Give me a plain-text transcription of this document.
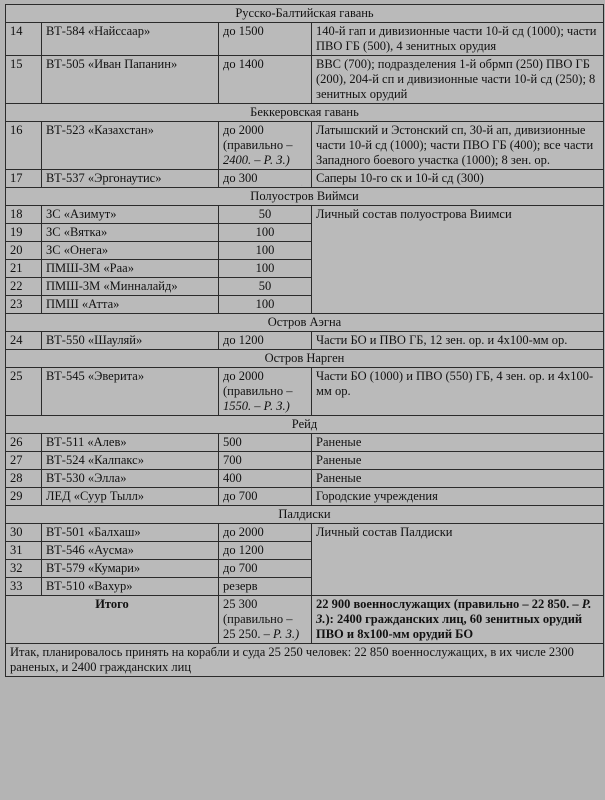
Русско-Балтийская гавань			
14	ВТ-584 «Найссаар»	до 1500	140-й гап и дивизионные части 10-й сд (1000); части ПВО ГБ (500), 4 зенитных орудия
15	ВТ-505 «Иван Папанин»	до 1400	ВВС (700); подразделения 1-й обрмп (250) ПВО ГБ (200), 204-й сп и дивизионные части 10-й сд (250); 8 зенитных орудий
Беккеровская гавань			
16	ВТ-523 «Казахстан»	до 2000 (правильно – 2400. – Р. З.)	Латышский и Эстонский сп, 30-й ап, дивизионные части 10-й сд (1000); части ПВО ГБ (400); все части Западного боевого участка (1000); 8 зен. ор.
17	ВТ-537 «Эргонаутис»	до 300	Саперы 10-го ск и 10-й сд (300)
Полуостров Виймси			
18	ЗС «Азимут»	50	Личный состав полуострова Виимси
19	ЗС «Вятка»	100	
20	ЗС «Онега»	100	
21	ПМШ-3М «Раа»	100	
22	ПМШ-3М «Минналайд»	50	
23	ПМШ «Атта»	100	
Остров Аэгна			
24	ВТ-550 «Шауляй»	до 1200	Части БО и ПВО ГБ, 12 зен. ор. и 4х100-мм ор.
Остров Нарген			
25	ВТ-545 «Эверита»	до 2000 (правильно – 1550. – Р. З.)	Части БО (1000) и ПВО (550) ГБ, 4 зен. ор. и 4х100-мм ор.
Рейд			
26	ВТ-511 «Алев»	500	Раненые
27	ВТ-524 «Калпакс»	700	Раненые
28	ВТ-530 «Элла»	400	Раненые
29	ЛЕД «Суур Тылл»	до 700	Городские учреждения
Палдиски			
30	ВТ-501 «Балхаш»	до 2000	Личный состав Палдиски
31	ВТ-546 «Аусма»	до 1200	
32	ВТ-579 «Кумари»	до 700	
33	ВТ-510 «Вахур»	резерв	
Итого		25 300 (правильно – 25 250. – Р. З.)	22 900 военнослужащих (правильно – 22 850. – Р. З.): 2400 гражданских лиц, 60 зенитных орудий ПВО и 8х100-мм орудий БО
Итак, планировалось принять на корабли и суда 25 250 человек: 22 850 военнослужащих, в их числе 2300 раненых, и 2400 гражданских лиц			
